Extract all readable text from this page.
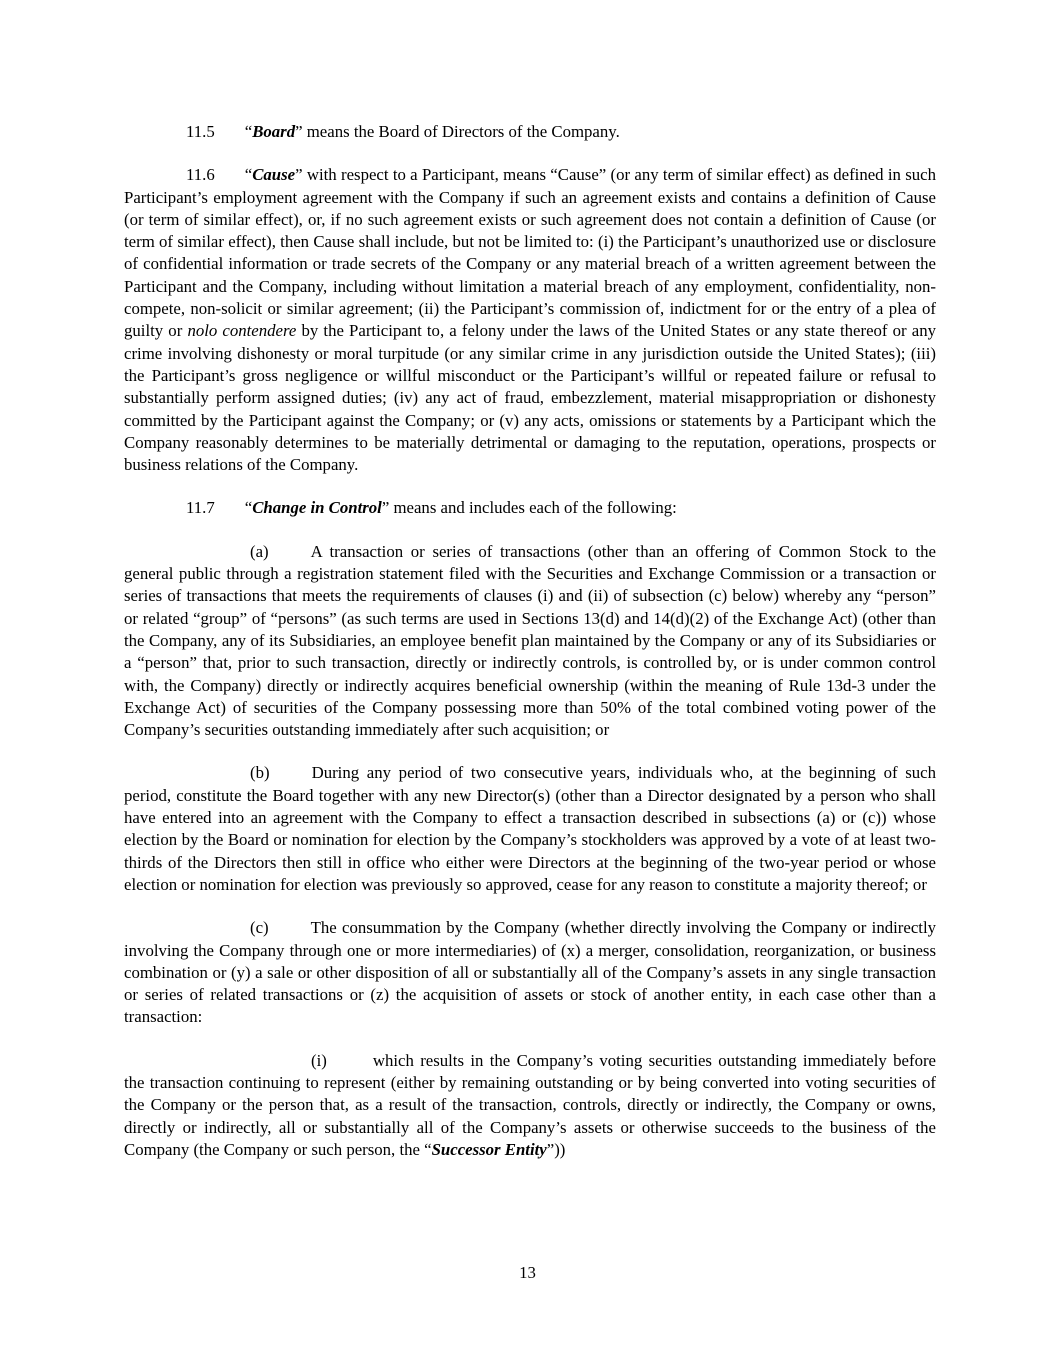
11.5 “Board” means the Board of Directors of the Company.

11.6 “Cause” with respect to a Participant, means “Cause” (or any term of similar effect) as defined in such Participant’s employment agreement with the Company if such an agreement exists and contains a definition of Cause (or term of similar effect), or, if no such agreement exists or such agreement does not contain a definition of Cause (or term of similar effect), then Cause shall include, but not be limited to: (i) the Participant’s unauthorized use or disclosure of confidential information or trade secrets of the Company or any material breach of a written agreement between the Participant and the Company, including without limitation a material breach of any employment, confidentiality, non-compete, non-solicit or similar agreement; (ii) the Participant’s commission of, indictment for or the entry of a plea of guilty or nolo contendere by the Participant to, a felony under the laws of the United States or any state thereof or any crime involving dishonesty or moral turpitude (or any similar crime in any jurisdiction outside the United States); (iii) the Participant’s gross negligence or willful misconduct or the Participant’s willful or repeated failure or refusal to substantially perform assigned duties; (iv) any act of fraud, embezzlement, material misappropriation or dishonesty committed by the Participant against the Company; or (v) any acts, omissions or statements by a Participant which the Company reasonably determines to be materially detrimental or damaging to the reputation, operations, prospects or business relations of the Company.

11.7 “Change in Control” means and includes each of the following:

(a)	A transaction or series of transactions (other than an offering of Common Stock to the general public through a registration statement filed with the Securities and Exchange Commission or a transaction or series of transactions that meets the requirements of clauses (i) and (ii) of subsection (c) below) whereby any “person” or related “group” of “persons” (as such terms are used in Sections 13(d) and 14(d)(2) of the Exchange Act) (other than the Company, any of its Subsidiaries, an employee benefit plan maintained by the Company or any of its Subsidiaries or a “person” that, prior to such transaction, directly or indirectly controls, is controlled by, or is under common control with, the Company) directly or indirectly acquires beneficial ownership (within the meaning of Rule 13d-3 under the Exchange Act) of securities of the Company possessing more than 50% of the total combined voting power of the Company’s securities outstanding immediately after such acquisition; or

(b)	During any period of two consecutive years, individuals who, at the beginning of such period, constitute the Board together with any new Director(s) (other than a Director designated by a person who shall have entered into an agreement with the Company to effect a transaction described in subsections (a) or (c)) whose election by the Board or nomination for election by the Company’s stockholders was approved by a vote of at least two-thirds of the Directors then still in office who either were Directors at the beginning of the two-year period or whose election or nomination for election was previously so approved, cease for any reason to constitute a majority thereof; or

(c)	The consummation by the Company (whether directly involving the Company or indirectly involving the Company through one or more intermediaries) of (x) a merger, consolidation, reorganization, or business combination or (y) a sale or other disposition of all or substantially all of the Company’s assets in any single transaction or series of related transactions or (z) the acquisition of assets or stock of another entity, in each case other than a transaction:

(i)	which results in the Company’s voting securities outstanding immediately before the transaction continuing to represent (either by remaining outstanding or by being converted into voting securities of the Company or the person that, as a result of the transaction, controls, directly or indirectly, the Company or owns, directly or indirectly, all or substantially all of the Company’s assets or otherwise succeeds to the business of the Company (the Company or such person, the “Successor Entity”))

13
